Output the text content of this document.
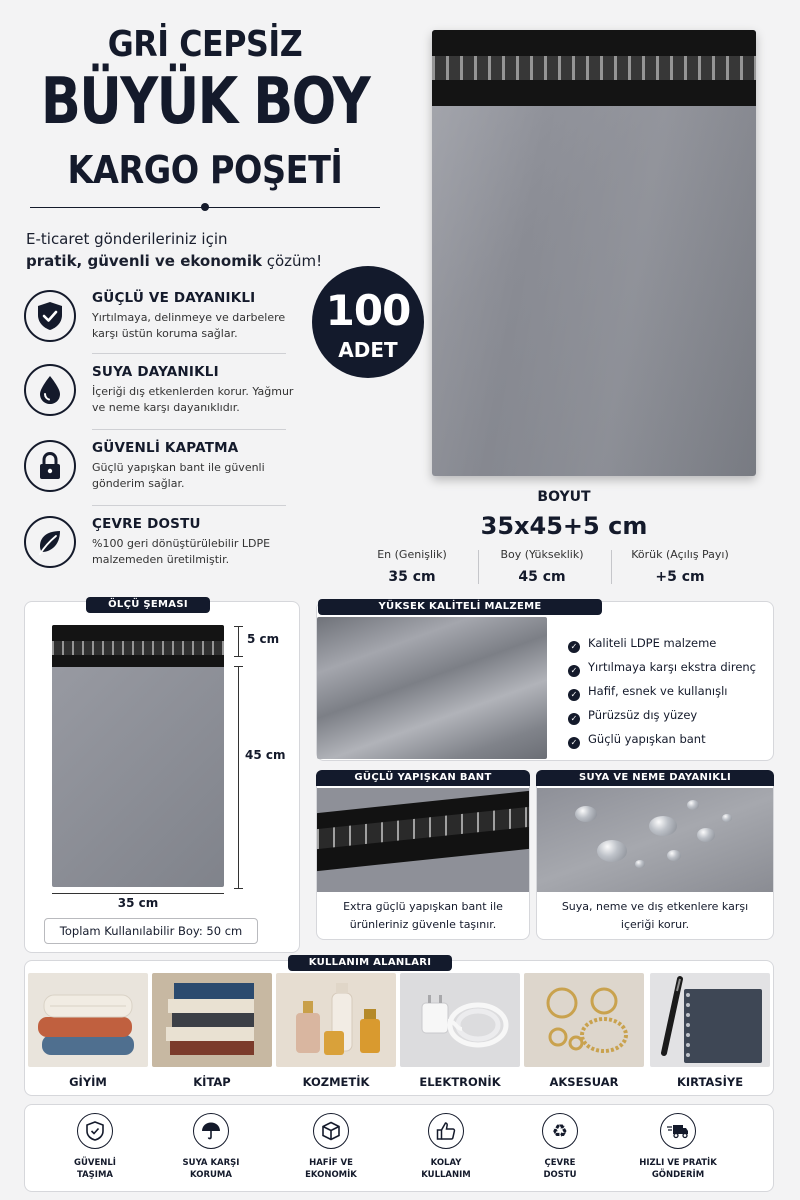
GRİ CEPSİZ
BÜYÜK BOY
KARGO POŞETİ
E-ticaret gönderileriniz için
pratik, güvenli ve ekonomik çözüm!
GÜÇLÜ VE DAYANIKLI
Yırtılmaya, delinmeye ve darbelere karşı üstün koruma sağlar.
SUYA DAYANIKLI
İçeriği dış etkenlerden korur. Yağmur ve neme karşı dayanıklıdır.
GÜVENLİ KAPATMA
Güçlü yapışkan bant ile güvenli gönderim sağlar.
ÇEVRE DOSTU
%100 geri dönüştürülebilir LDPE malzemeden üretilmiştir.
100
ADET
BOYUT
35x45+5 cm
En (Genişlik)
35 cm
Boy (Yükseklik)
45 cm
Körük (Açılış Payı)
+5 cm
ÖLÇÜ ŞEMASI
5 cm
45 cm
35 cm
Toplam Kullanılabilir Boy: 50 cm
YÜKSEK KALİTELİ MALZEME
✓ Kaliteli LDPE malzeme
✓ Yırtılmaya karşı ekstra direnç
✓ Hafif, esnek ve kullanışlı
✓ Pürüzsüz dış yüzey
✓ Güçlü yapışkan bant
GÜÇLÜ YAPIŞKAN BANT
Extra güçlü yapışkan bant ile
ürünleriniz güvenle taşınır.
SUYA VE NEME DAYANIKLI
Suya, neme ve dış etkenlere karşı
içeriği korur.
KULLANIM ALANLARI
GİYİM	KİTAP	KOZMETİK	ELEKTRONİK	AKSESUAR	KIRTASİYE
GÜVENLİ
TAŞIMA
SUYA KARŞI
KORUMA
HAFİF VE
EKONOMİK
KOLAY
KULLANIM
♻
ÇEVRE
DOSTU
HIZLI VE PRATİK
GÖNDERİM
